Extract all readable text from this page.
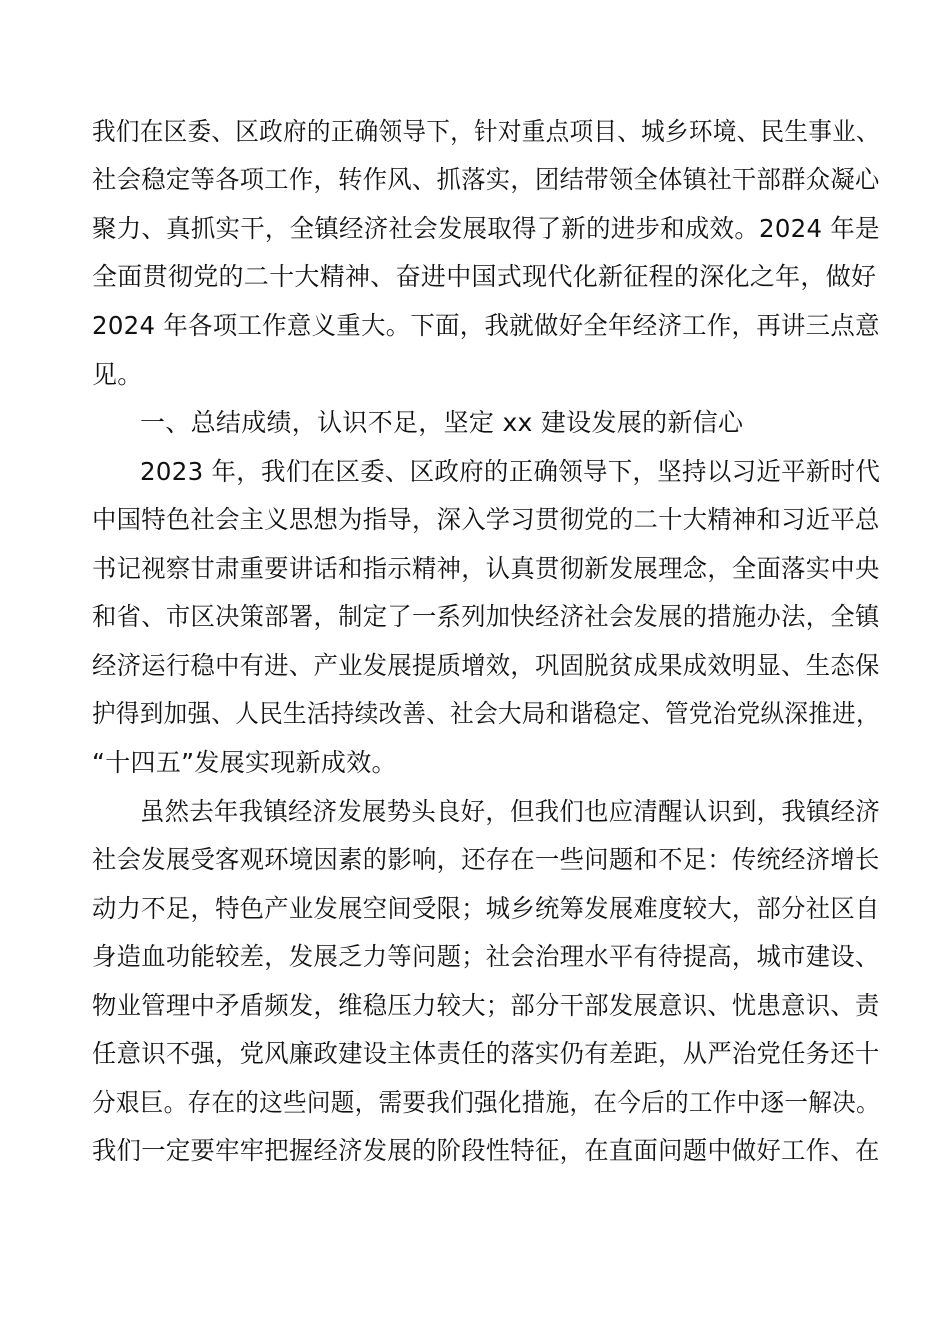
我们在区委、区政府的正确领导下，针对重点项目、城乡环境、民生事业、
社会稳定等各项工作，转作风、抓落实，团结带领全体镇社干部群众凝心
聚力、真抓实干，全镇经济社会发展取得了新的进步和成效。2024 年是
全面贯彻党的二十大精神、奋进中国式现代化新征程的深化之年，做好
2024 年各项工作意义重大。下面，我就做好全年经济工作，再讲三点意
见。
一、总结成绩，认识不足，坚定 xx 建设发展的新信心
2023 年，我们在区委、区政府的正确领导下，坚持以习近平新时代
中国特色社会主义思想为指导，深入学习贯彻党的二十大精神和习近平总
书记视察甘肃重要讲话和指示精神，认真贯彻新发展理念，全面落实中央
和省、市区决策部署，制定了一系列加快经济社会发展的措施办法，全镇
经济运行稳中有进、产业发展提质增效，巩固脱贫成果成效明显、生态保
护得到加强、人民生活持续改善、社会大局和谐稳定、管党治党纵深推进，
“十四五”发展实现新成效。
虽然去年我镇经济发展势头良好，但我们也应清醒认识到，我镇经济
社会发展受客观环境因素的影响，还存在一些问题和不足：传统经济增长
动力不足，特色产业发展空间受限；城乡统筹发展难度较大，部分社区自
身造血功能较差，发展乏力等问题；社会治理水平有待提高，城市建设、
物业管理中矛盾频发，维稳压力较大；部分干部发展意识、忧患意识、责
任意识不强，党风廉政建设主体责任的落实仍有差距，从严治党任务还十
分艰巨。存在的这些问题，需要我们强化措施，在今后的工作中逐一解决。
我们一定要牢牢把握经济发展的阶段性特征，在直面问题中做好工作、在
